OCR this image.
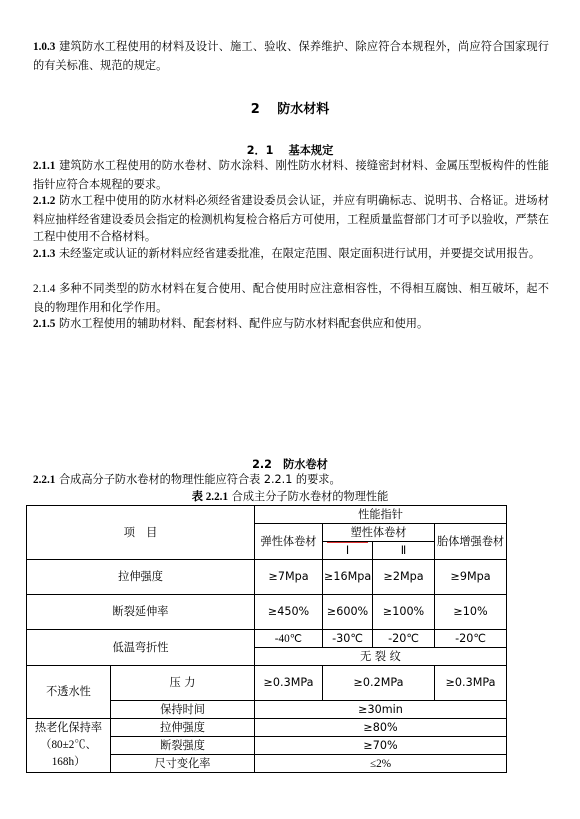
1.0.3 建筑防水工程使用的材料及设计、施工、验收、保养维护、除应符合本规程外，尚应符合国家现行的有关标准、规范的规定。
2　 防水材料
2．1　 基本规定
2.1.1 建筑防水工程使用的防水卷材、防水涂料、刚性防水材料、接缝密封材料、金属压型板构件的性能指针应符合本规程的要求。
2.1.2 防水工程中使用的防水材料必须经省建设委员会认证，并应有明确标志、说明书、合格证。进场材料应抽样经省建设委员会指定的检测机构复检合格后方可使用，工程质量监督部门才可予以验收，严禁在工程中使用不合格材料。
2.1.3 未经鉴定或认证的新材料应经省建委批准，在限定范围、限定面积进行试用，并要提交试用报告。
2.1.4 多种不同类型的防水材料在复合使用、配合使用时应注意相容性，不得相互腐蚀、相互破坏，起不良的物理作用和化学作用。
2.1.5 防水工程使用的辅助材料、配套材料、配件应与防水材料配套供应和使用。
2.2　防水卷材
2.2.1 合成高分子防水卷材的物理性能应符合表 2.2.1 的要求。
表 2.2.1 合成主分子防水卷材的物理性能
项　目		性能指针			
		弹性体卷材	塑性体卷材		胎体增强卷材

Ⅰ	Ⅱ	
拉伸强度		≥7Mpa	≥16Mpa	≥2Mpa	≥9Mpa
断裂延伸率		≥450%	≥600%	≥100%	≥10%
低温弯折性		-40℃	-30℃	-20℃	-20℃
		无 裂 纹			
不透水性	压 力	≥0.3MPa	≥0.2MPa		≥0.3MPa
	保持时间	≥30min			
热老化保持率（80±2℃、168h）	拉伸强度	≥80%			
	断裂强度	≥70%			
	尺寸变化率	≤2%			
